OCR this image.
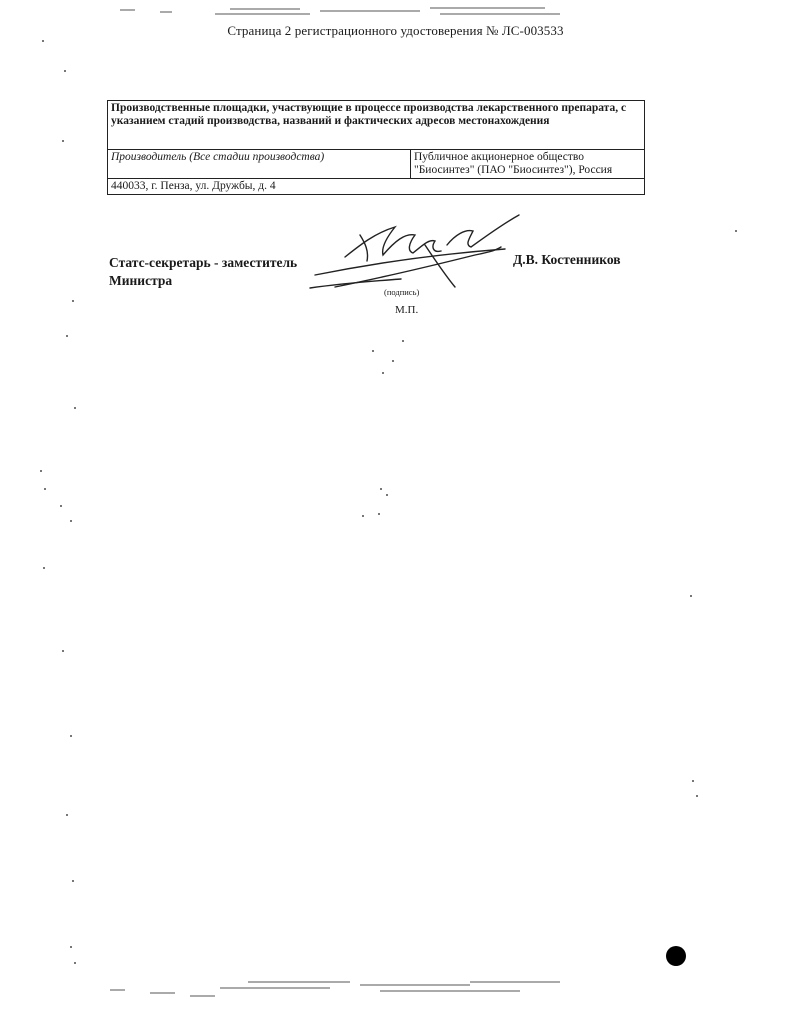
Страница 2 регистрационного удостоверения № ЛС-003533
Производственные площадки, участвующие в процессе производства лекарственного препарата, с указанием стадий производства, названий и фактических адресов местонахождения
Производитель (Все стадии производства)	Публичное акционерное общество "Биосинтез" (ПАО "Биосинтез"), Россия
440033, г. Пенза, ул. Дружбы, д. 4
Статс-секретарь - заместитель Министра
Д.В. Костенников
(подпись)
М.П.
